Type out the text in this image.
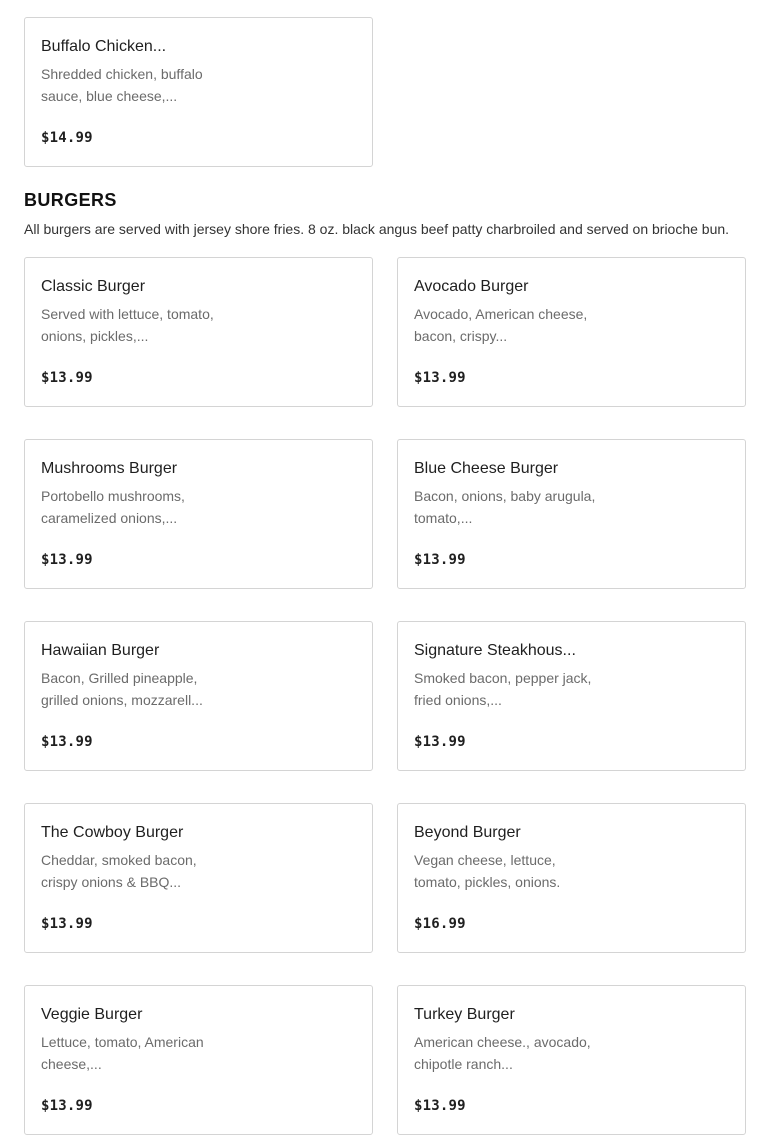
Buffalo Chicken...
Shredded chicken, buffalo sauce, blue cheese,...
$14.99
BURGERS

All burgers are served with jersey shore fries. 8 oz. black angus beef patty charbroiled and served on brioche bun.

Classic Burger
Served with lettuce, tomato, onions, pickles,...
$13.99
Avocado Burger
Avocado, American cheese, bacon, crispy...
$13.99
Mushrooms Burger
Portobello mushrooms, caramelized onions,...
$13.99
Blue Cheese Burger
Bacon, onions, baby arugula, tomato,...
$13.99
Hawaiian Burger
Bacon, Grilled pineapple, grilled onions, mozzarell...
$13.99
Signature Steakhous...
Smoked bacon, pepper jack, fried onions,...
$13.99
The Cowboy Burger
Cheddar, smoked bacon, crispy onions & BBQ...
$13.99
Beyond Burger
Vegan cheese, lettuce, tomato, pickles, onions.
$16.99
Veggie Burger
Lettuce, tomato, American cheese,...
$13.99
Turkey Burger
American cheese., avocado, chipotle ranch...
$13.99
